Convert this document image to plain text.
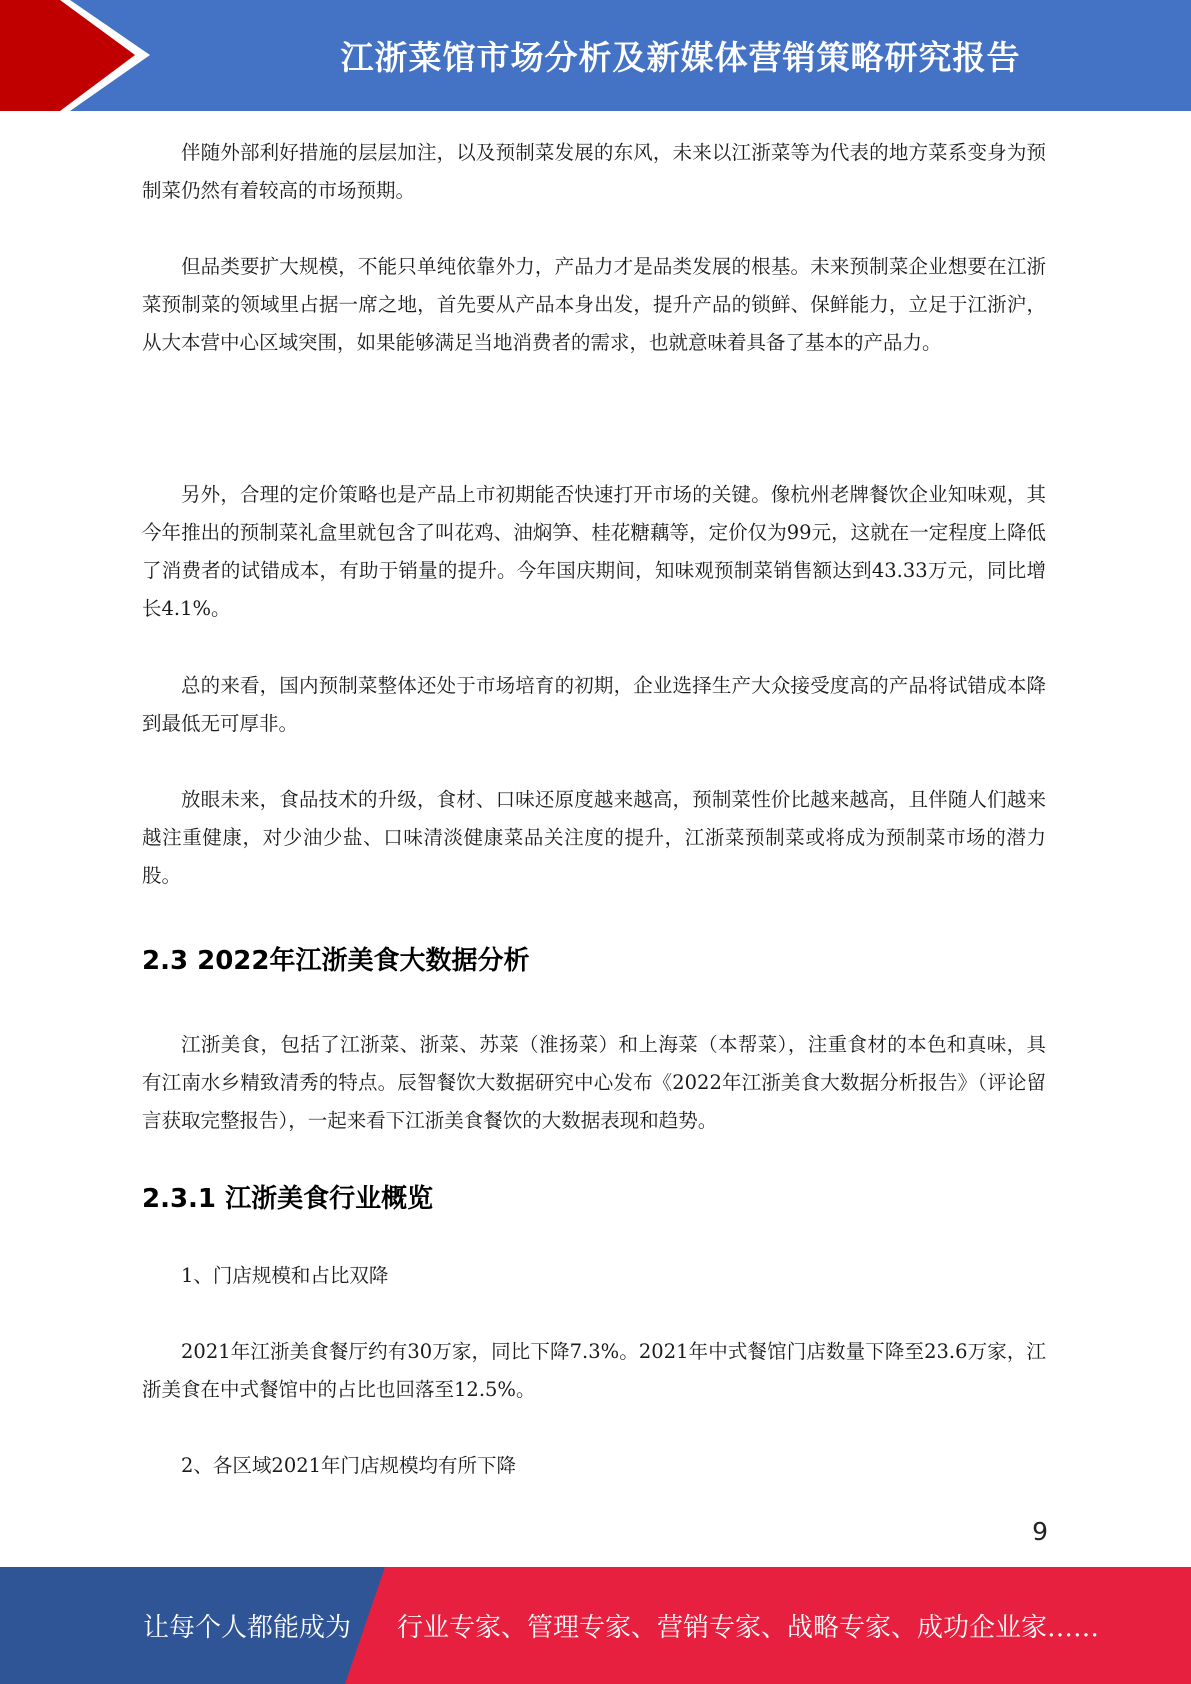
江浙菜馆市场分析及新媒体营销策略研究报告

伴随外部利好措施的层层加注，以及预制菜发展的东风，未来以江浙菜等为代表的地方菜系变身为预制菜仍然有着较高的市场预期。

但品类要扩大规模，不能只单纯依靠外力，产品力才是品类发展的根基。未来预制菜企业想要在江浙菜预制菜的领域里占据一席之地，首先要从产品本身出发，提升产品的锁鲜、保鲜能力，立足于江浙沪，从大本营中心区域突围，如果能够满足当地消费者的需求，也就意味着具备了基本的产品力。

另外，合理的定价策略也是产品上市初期能否快速打开市场的关键。像杭州老牌餐饮企业知味观，其今年推出的预制菜礼盒里就包含了叫花鸡、油焖笋、桂花糖藕等，定价仅为99元，这就在一定程度上降低了消费者的试错成本，有助于销量的提升。今年国庆期间，知味观预制菜销售额达到43.33万元，同比增长4.1%。

总的来看，国内预制菜整体还处于市场培育的初期，企业选择生产大众接受度高的产品将试错成本降到最低无可厚非。

放眼未来，食品技术的升级，食材、口味还原度越来越高，预制菜性价比越来越高，且伴随人们越来越注重健康，对少油少盐、口味清淡健康菜品关注度的提升，江浙菜预制菜或将成为预制菜市场的潜力股。

2.3 2022年江浙美食大数据分析

江浙美食，包括了江浙菜、浙菜、苏菜（淮扬菜）和上海菜（本帮菜），注重食材的本色和真味，具有江南水乡精致清秀的特点。辰智餐饮大数据研究中心发布《2022年江浙美食大数据分析报告》（评论留言获取完整报告），一起来看下江浙美食餐饮的大数据表现和趋势。

2.3.1 江浙美食行业概览

1、门店规模和占比双降

2021年江浙美食餐厅约有30万家，同比下降7.3%。2021年中式餐馆门店数量下降至23.6万家，江浙美食在中式餐馆中的占比也回落至12.5%。

2、各区域2021年门店规模均有所下降

9
让每个人都能成为 行业专家、管理专家、营销专家、战略专家、成功企业家……
